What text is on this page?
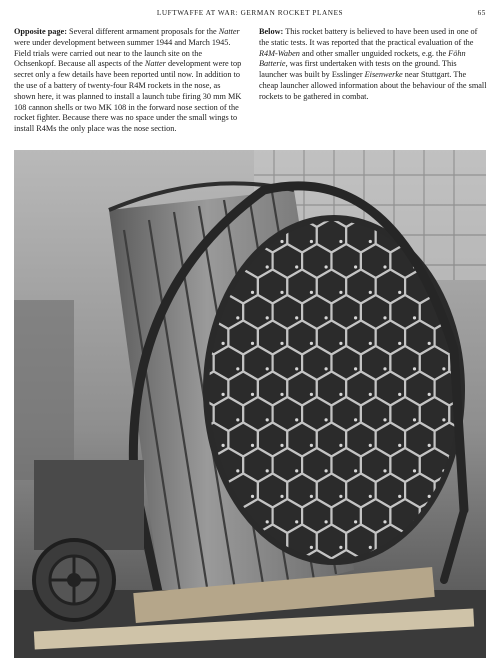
LUFTWAFFE AT WAR: GERMAN ROCKET PLANES	65

Opposite page: Several different armament proposals for the Natter were under development between summer 1944 and March 1945. Field trials were carried out near to the launch site on the Ochsenkopf. Because all aspects of the Natter development were top secret only a few details have been reported until now. In addition to the use of a battery of twenty-four R4M rockets in the nose, as shown here, it was planned to install a launch tube firing 30 mm MK 108 cannon shells or two MK 108 in the forward nose section of the rocket fighter. Because there was no space under the small wings to install R4Ms the only place was the nose section.

Below: This rocket battery is believed to have been used in one of the static tests. It was reported that the practical evaluation of the R4M-Waben and other smaller unguided rockets, e.g. the Föhn Batterie, was first undertaken with tests on the ground. This launcher was built by Esslinger Eisenwerke near Stuttgart. The cheap launcher allowed information about the behaviour of the small rockets to be gathered in combat.
